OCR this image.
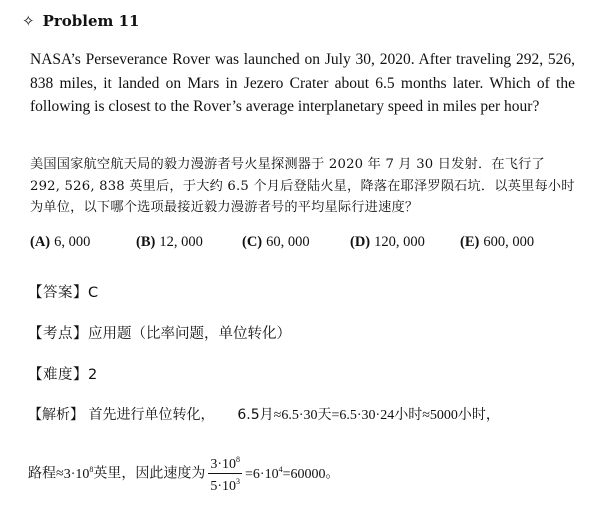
✧ Problem 11
NASA’s Perseverance Rover was launched on July 30, 2020. After traveling 292, 526, 838 miles, it landed on Mars in Jezero Crater about 6.5 months later. Which of the following is closest to the Rover’s average interplanetary speed in miles per hour?
美国国家航空航天局的毅力漫游者号火星探测器于 2020 年 7 月 30 日发射．在飞行了 292, 526, 838 英里后，于大约 6.5 个月后登陆火星，降落在耶泽罗陨石坑．以英里每小时为单位，以下哪个选项最接近毅力漫游者号的平均星际行进速度？
(A) 6, 000	(B) 12, 000	(C) 60, 000	(D) 120, 000 (E) 600, 000
【答案】C
【考点】应用题（比率问题，单位转化）
【难度】2
【解析】 首先进行单位转化， 6.5月≈6.5·30天=6.5·30·24小时≈5000小时，
路程$\approx 3\cdot 10^8$英里，因此速度为 $\frac{3\cdot 10^8}{5\cdot 10^3} =6\cdot 10^4=60000$。
